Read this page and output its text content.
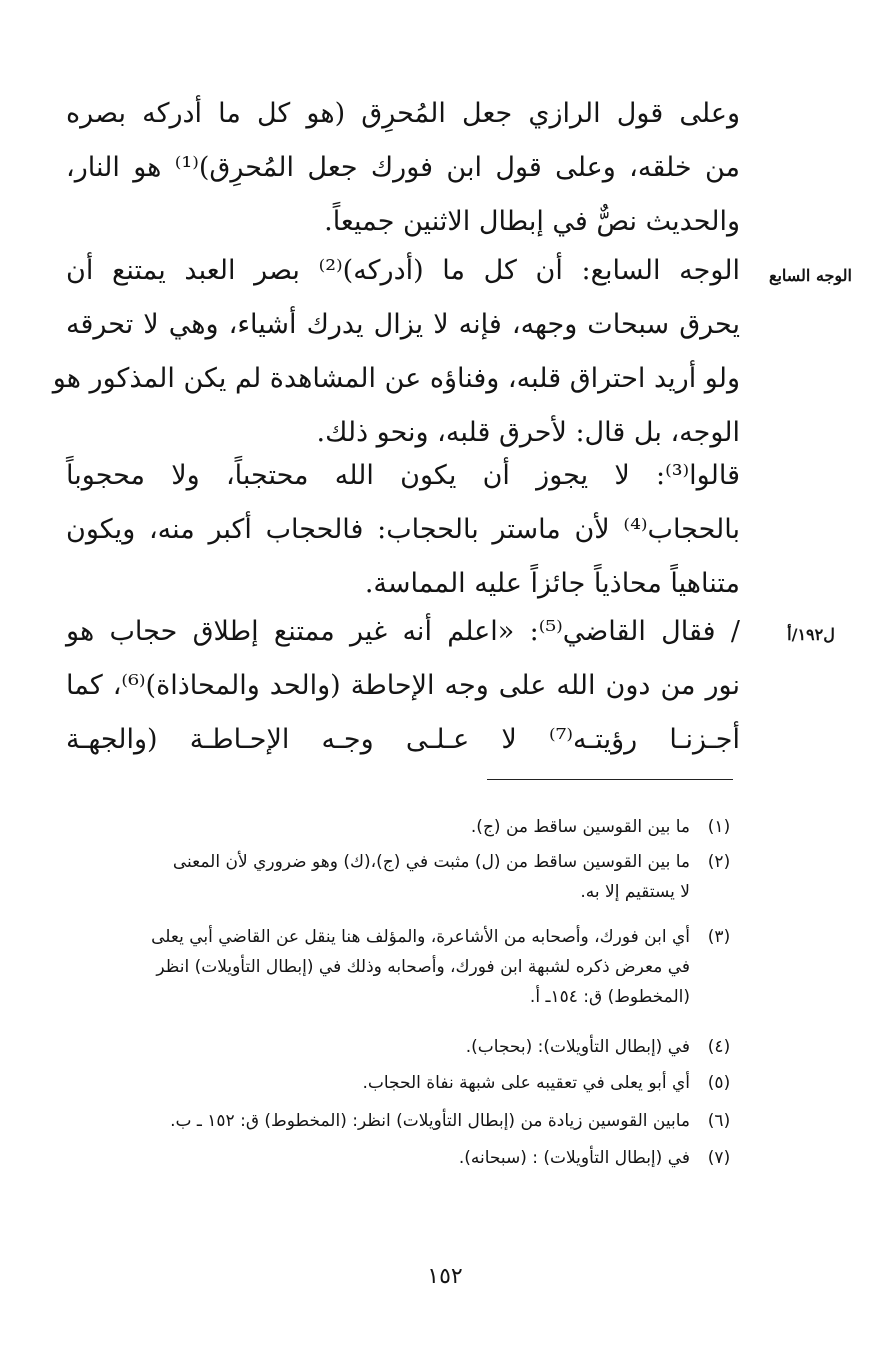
وعلى قول الرازي جعل المُحرِق (هو كل ما أدركه بصره
من خلقه، وعلى قول ابن فورك جعل المُحرِق)⁽¹⁾ هو النار،
والحديث نصٌّ في إبطال الاثنين جميعاً.
الوجه السابع
الوجه السابع: أن كل ما (أدركه)⁽²⁾ بصر العبد يمتنع أن
يحرق سبحات وجهه، فإنه لا يزال يدرك أشياء، وهي لا تحرقه
ولو أريد احتراق قلبه، وفناؤه عن المشاهدة لم يكن المذكور هو
الوجه، بل قال: لأحرق قلبه، ونحو ذلك.
قالوا⁽³⁾: لا يجوز أن يكون الله محتجباً، ولا محجوباً
بالحجاب⁽⁴⁾ لأن ماستر بالحجاب: فالحجاب أكبر منه، ويكون
متناهياً محاذياً جائزاً عليه المماسة.
ل١٩٢/أ
/ فقال القاضي⁽⁵⁾: «اعلم أنه غير ممتنع إطلاق حجاب هو
نور من دون الله على وجه الإحاطة (والحد والمحاذاة)⁽⁶⁾، كما
أجـزنـا رؤيتـه⁽⁷⁾ لا عـلـى وجـه الإحـاطـة (والجهـة
(١)
ما بين القوسين ساقط من (ج).
(٢)
ما بين القوسين ساقط من (ل) مثبت في (ج)،(ك) وهو ضروري لأن المعنى
لا يستقيم إلا به.
(٣)
أي ابن فورك، وأصحابه من الأشاعرة، والمؤلف هنا ينقل عن القاضي أبي يعلى
في معرض ذكره لشبهة ابن فورك، وأصحابه وذلك في (إبطال التأويلات) انظر
(المخطوط) ق: ١٥٤ـ أ.
(٤)
في (إبطال التأويلات): (بحجاب).
(٥)
أي أبو يعلى في تعقيبه على شبهة نفاة الحجاب.
(٦)
مابين القوسين زيادة من (إبطال التأويلات) انظر: (المخطوط) ق: ١٥٢ ـ ب.
(٧)
في (إبطال التأويلات) : (سبحانه).
١٥٢
